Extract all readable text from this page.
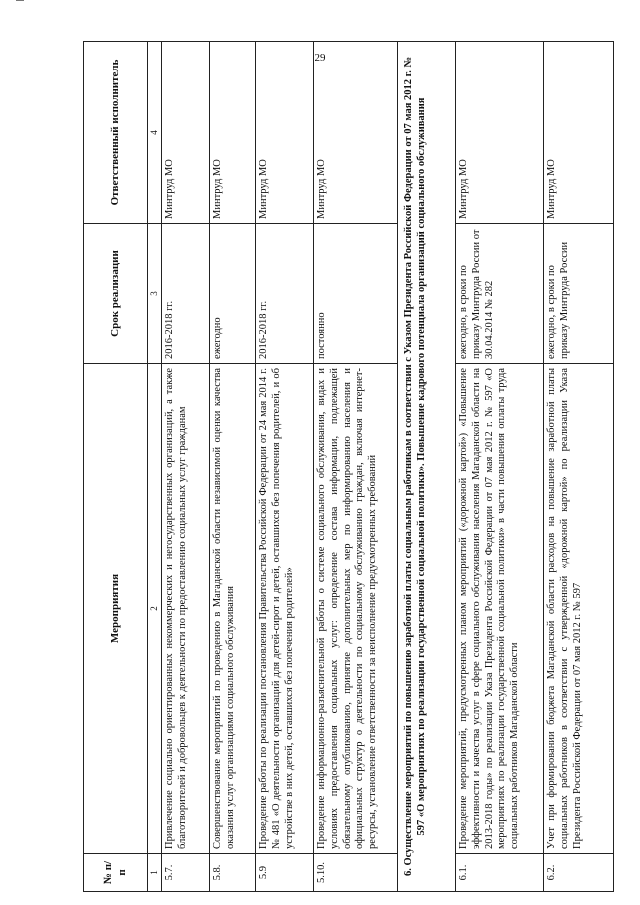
29
№ п/п	Мероприятия	Срок реализации	Ответственный исполнитель
1	2	3	4
5.7.	Привлечение социально ориентированных некоммерческих и негосударственных организаций, а также благотворителей и добровольцев к деятельности по предоставлению социальных услуг гражданам	2016-2018 гг.	Минтруд МО
5.8.	Совершенствование мероприятий по проведению в Магаданской области независимой оценки качества оказания услуг организациями социального обслуживания	ежегодно	Минтруд МО
5.9	Проведение работы по реализации постановления Правительства Российской Федерации от 24 мая 2014 г. № 481 «О деятельности организаций для детей-сирот и детей, оставшихся без попечения родителей, и об устройстве в них детей, оставшихся без попечения родителей»	2016-2018 гг.	Минтруд МО
5.10.	Проведение информационно-разъяснительной работы о системе социального обслуживания, видах и условиях предоставления социальных услуг: определение состава информации, подлежащей обязательному опубликованию, принятие дополнительных мер по информированию населения и официальных структур о деятельности по социальному обслуживанию граждан, включая интернет-ресурсы, установление ответственности за неисполнение предусмотренных требований	постоянно	Минтруд МО
6. Осуществление мероприятий по повышению заработной платы социальным работникам в соответствии с Указом Президента Российской Федерации от 07 мая 2012 г. № 597 «О мероприятиях по реализации государственной социальной политики». Повышение кадрового потенциала организаций социального обслуживания			
6.1.	Проведение мероприятий, предусмотренных планом мероприятий («дорожной картой») «Повышение эффективности и качества услуг в сфере социального обслуживания населения Магаданской области на 2013-2018 годы» по реализации Указа Президента Российской Федерации от 07 мая 2012 г. № 597 «О мероприятиях по реализации государственной социальной политики» в части повышения оплаты труда социальных работников Магаданской области	ежегодно, в сроки по приказу Минтруда России от 30.04.2014 № 282	Минтруд МО
6.2.	Учет при формировании бюджета Магаданской области расходов на повышение заработной платы социальных работников в соответствии с утвержденной «дорожной картой» по реализации Указа Президента Российской Федерации от 07 мая 2012 г. № 597	ежегодно, в сроки по приказу Минтруда России	Минтруд МО
